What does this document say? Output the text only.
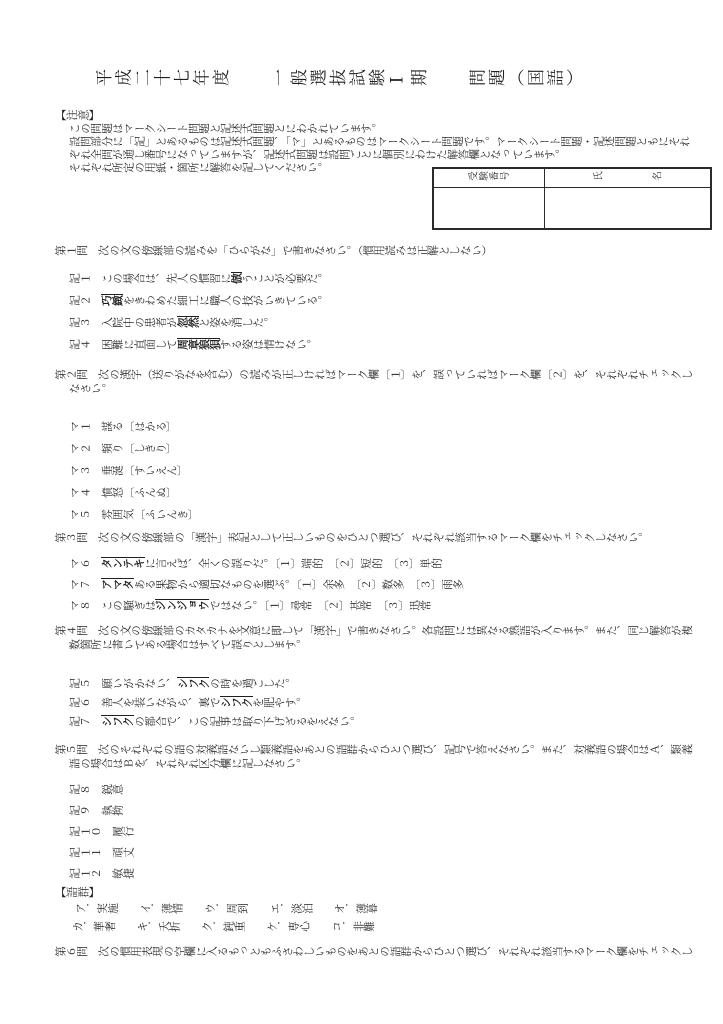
受験番号	氏	名

平成二十七年度　　一般選抜試験Ⅰ期　　問題（国語）

【注意】

この問題はマークシート問題と記述式問題とにわかれています。

設問部分に「記」とあるものは記述式問題、「マ」とあるものはマークシート問題です。マークシート問題・記述問題ともにそれ

ぞれ全問が通し番号になっていますが、記述式問題は設問ごとに個別にわけた解答欄となっています。

それぞれ所定の用紙・箇所に解答を記してください。

第１問　次の文の傍線部の読みを「ひらがな」で書きなさい。（慣用読みは正解としない）

記１　この場合は、先人の慣習に倣うことが必要だ。

記２　巧緻をきわめた細工に職人の技がいきている。

記３　入院中の患者が忽然と姿を消した。

記４　困難に直面して周章狼狽する姿は情けない。

第２問　次の漢字（送りがなを含む）の読みが正しければマーク欄〔１〕を、誤っていればマーク欄〔２〕を、それぞれチェックし

なさい。

マ１　謀る〔はかる〕

マ２　頻り〔しきり〕

マ３　垂涎〔すいえん〕

マ４　憤怒〔ふんぬ〕

マ５　雰囲気〔ふいんき〕

第３問　次の文の傍線部の「漢字」表記として正しいものをひとつ選び、それぞれ該当するマーク欄をチェックしなさい。

マ６　タンテキに言えば、全くの誤りだ。〔１〕端的　〔２〕短的　〔３〕単的

マ７　アマタある果物から適切なものを選ぶ。〔１〕余多　〔２〕数多　〔３〕雨多

マ８　この騒ぎはジンジョウではない。〔１〕尋常　〔２〕甚常　〔３〕迅常

第４問　次の文の傍線部のカタカナを文意に即して「漢字」で書きなさい。各設問には異なる熟語が入ります。また、同じ解答が複

数箇所に書いてある場合はすべて誤りとします。

記５　願いがかない、シフクの時を過ごした。

記６　善人を装いながら、裏でシフクを肥やす。

記７　シフクの都合で、この記事は取り下げざるをえない。

第５問　次のそれぞれの語の対義語ないし類義語をあとの語群からひとつ選び、記号で答えなさい。また、対義語の場合はＡ、類義

語の場合はＢを、それぞれ区分欄に記しなさい。

記８　鋭意

記９　執拗

記１０　履行

記１１　頑丈

記１２　敏捷

【語群】

ア．実施　　イ．薄情　　ウ．周到　　エ．淡泊　　オ．薄暮

カ．華奢　　キ．夭折　　ク．鈍重　　ケ．専心　　コ．非難

第６問　次の慣用表現の空欄に入るもっともふさわしいものをあとの語群からひとつ選び、それぞれ該当するマーク欄をチェックし
